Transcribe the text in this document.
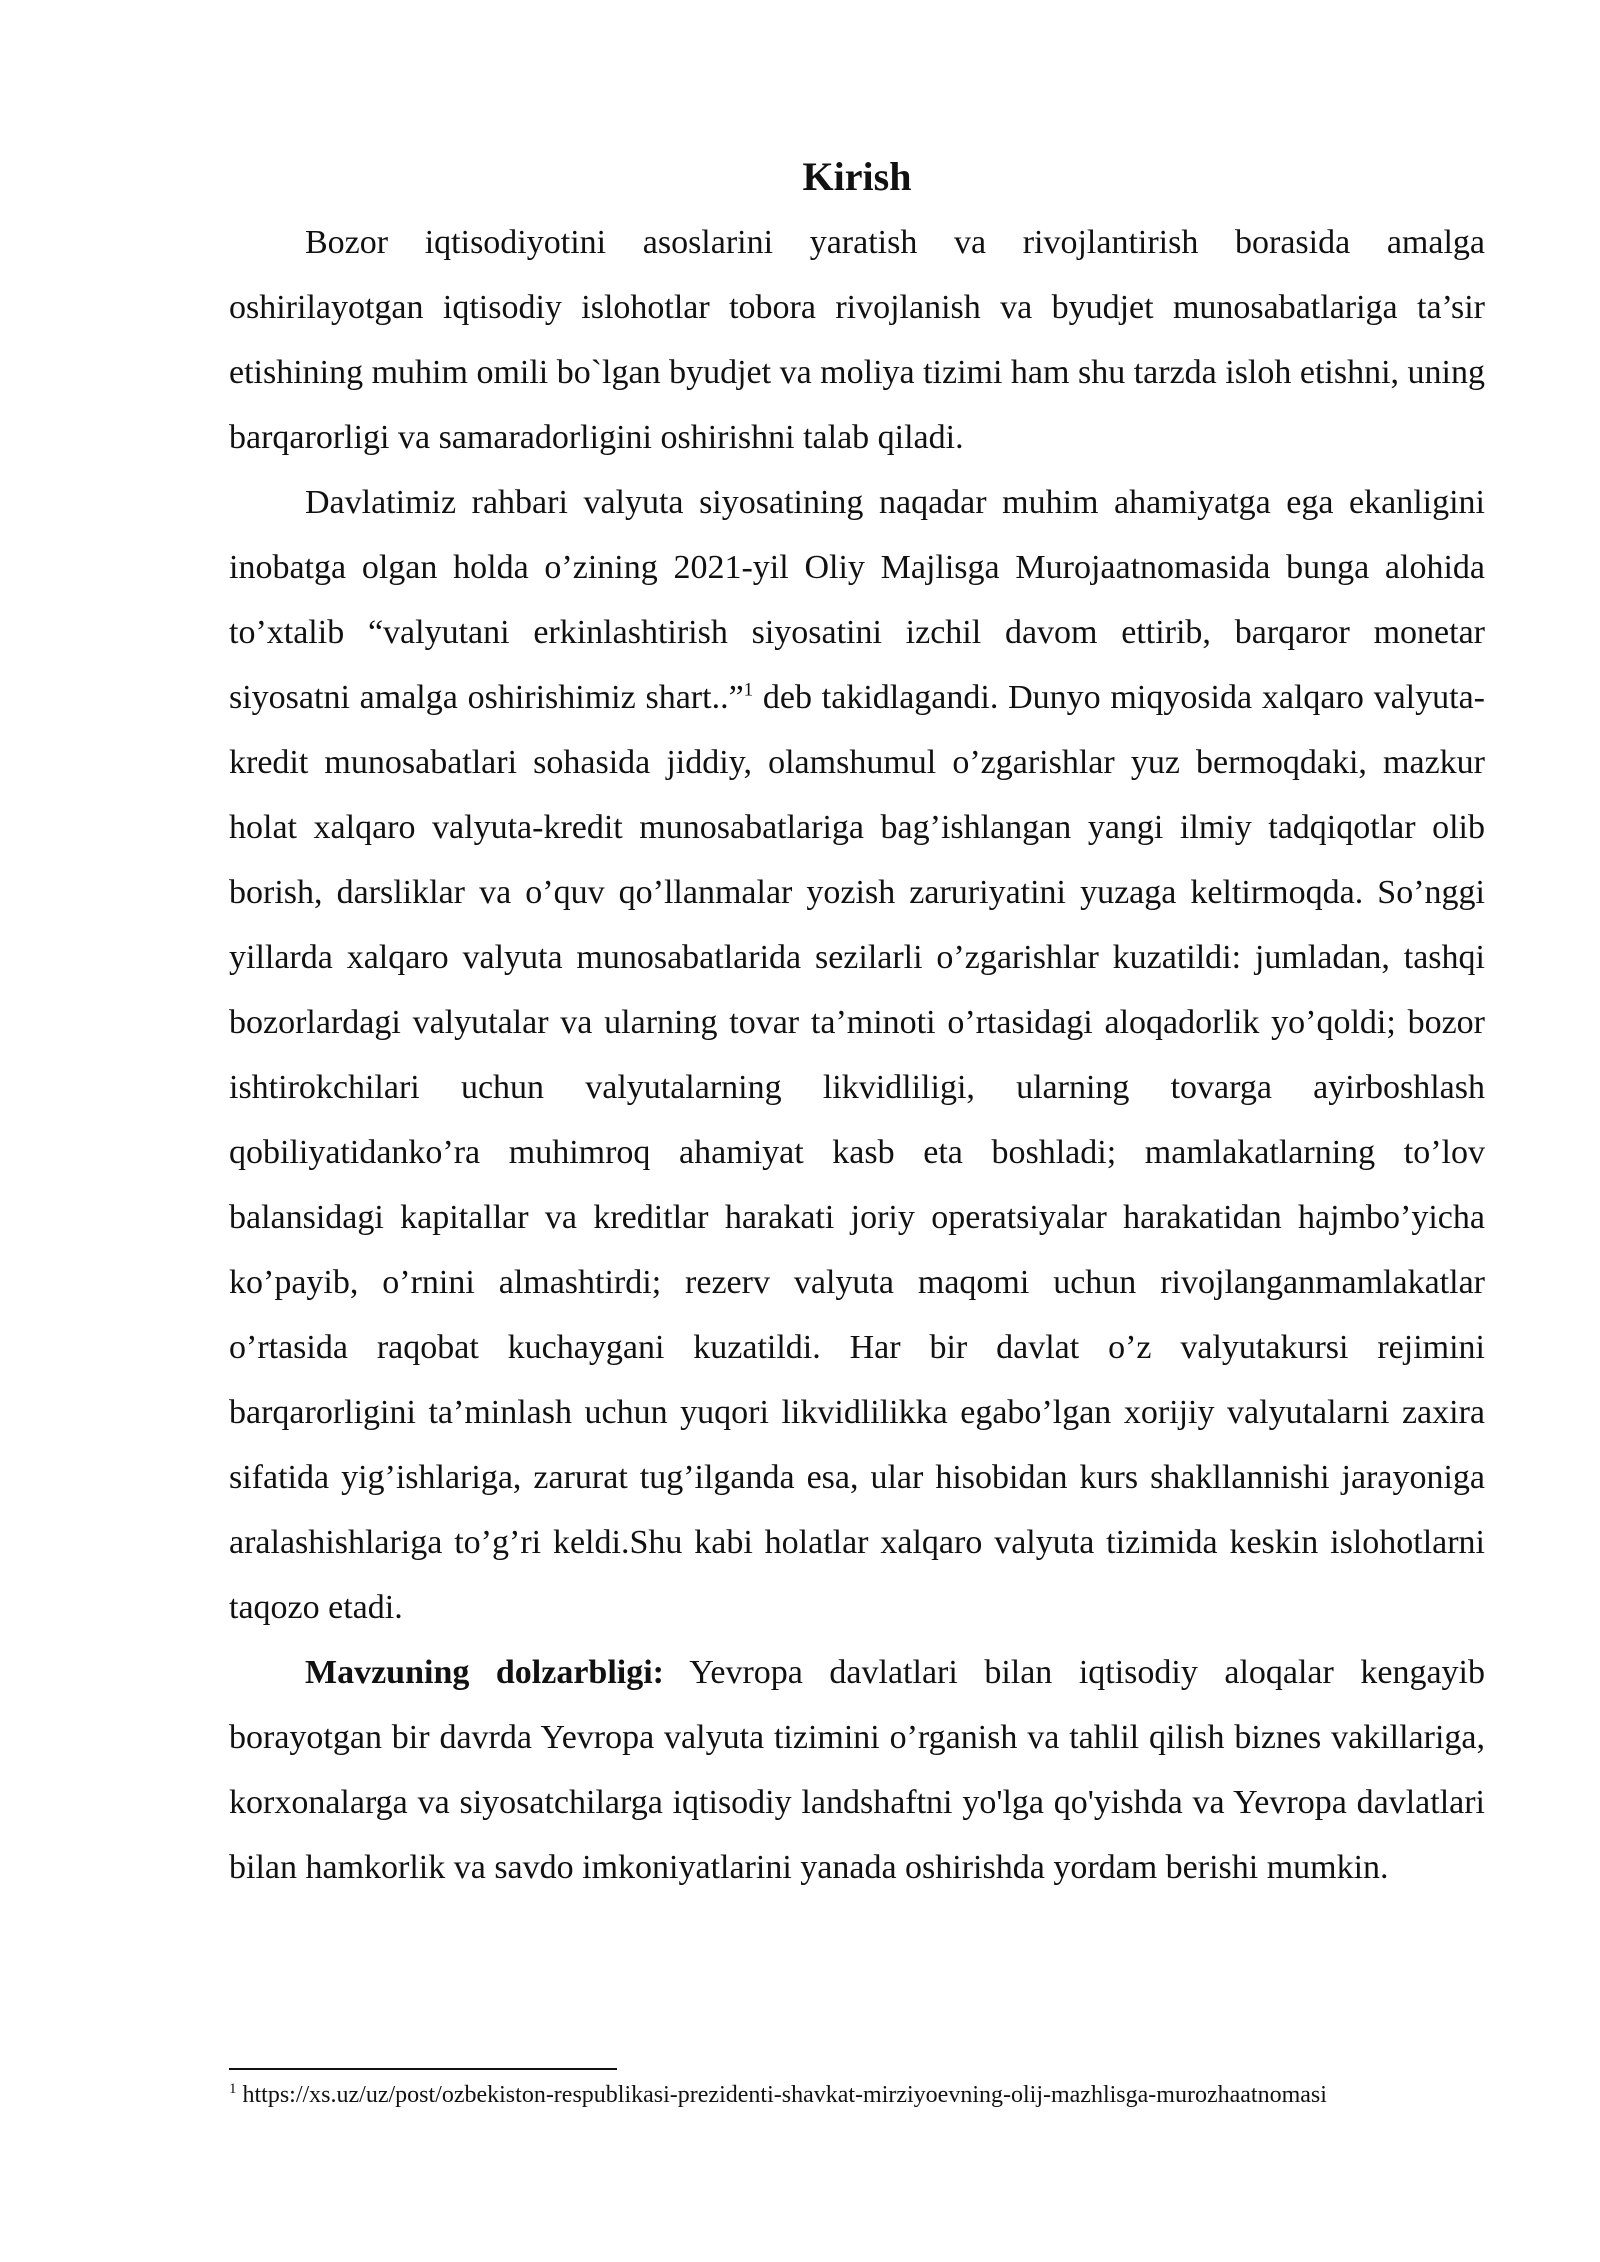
Kirish

Bozor iqtisodiyotini asoslarini yaratish va rivojlantirish borasida amalga oshirilayotgan iqtisodiy islohotlar tobora rivojlanish va byudjet munosabatlariga ta’sir etishining muhim omili bo`lgan byudjet va moliya tizimi ham shu tarzda isloh etishni, uning barqarorligi va samaradorligini oshirishni talab qiladi.

Davlatimiz rahbari valyuta siyosatining naqadar muhim ahamiyatga ega ekanligini inobatga olgan holda o’zining 2021-yil Oliy Majlisga Murojaatnomasida bunga alohida to’xtalib “valyutani erkinlashtirish siyosatini izchil davom ettirib, barqaror monetar siyosatni amalga oshirishimiz shart..”$^1$ deb takidlagandi. Dunyo miqyosida xalqaro valyuta-kredit munosabatlari sohasida jiddiy, olamshumul o’zgarishlar yuz bermoqdaki, mazkur holat xalqaro valyuta-kredit munosabatlariga bag’ishlangan yangi ilmiy tadqiqotlar olib borish, darsliklar va o’quv qo’llanmalar yozish zaruriyatini yuzaga keltirmoqda. So’nggi yillarda xalqaro valyuta munosabatlarida sezilarli o’zgarishlar kuzatildi: jumladan, tashqi bozorlardagi valyutalar va ularning tovar ta’minoti o’rtasidagi aloqadorlik yo’qoldi; bozor ishtirokchilari uchun valyutalarning likvidliligi, ularning tovarga ayirboshlash qobiliyatidanko’ra muhimroq ahamiyat kasb eta boshladi; mamlakatlarning to’lov balansidagi kapitallar va kreditlar harakati joriy operatsiyalar harakatidan hajmbo’yicha ko’payib, o’rnini almashtirdi; rezerv valyuta maqomi uchun rivojlanganmamlakatlar o’rtasida raqobat kuchaygani kuzatildi. Har bir davlat o’z valyutakursi rejimini barqarorligini ta’minlash uchun yuqori likvidlilikka egabo’lgan xorijiy valyutalarni zaxira sifatida yig’ishlariga, zarurat tug’ilganda esa, ular hisobidan kurs shakllannishi jarayoniga aralashishlariga to’g’ri keldi.Shu kabi holatlar xalqaro valyuta tizimida keskin islohotlarni taqozo etadi.

Mavzuning dolzarbligi: Yevropa davlatlari bilan iqtisodiy aloqalar kengayib borayotgan bir davrda Yevropa valyuta tizimini o’rganish va tahlil qilish biznes vakillariga, korxonalarga va siyosatchilarga iqtisodiy landshaftni yo'lga qo'yishda va Yevropa davlatlari bilan hamkorlik va savdo imkoniyatlarini yanada oshirishda yordam berishi mumkin.

$^1$ https://xs.uz/uz/post/ozbekiston-respublikasi-prezidenti-shavkat-mirziyoevning-olij-mazhlisga-murozhaatnomasi
